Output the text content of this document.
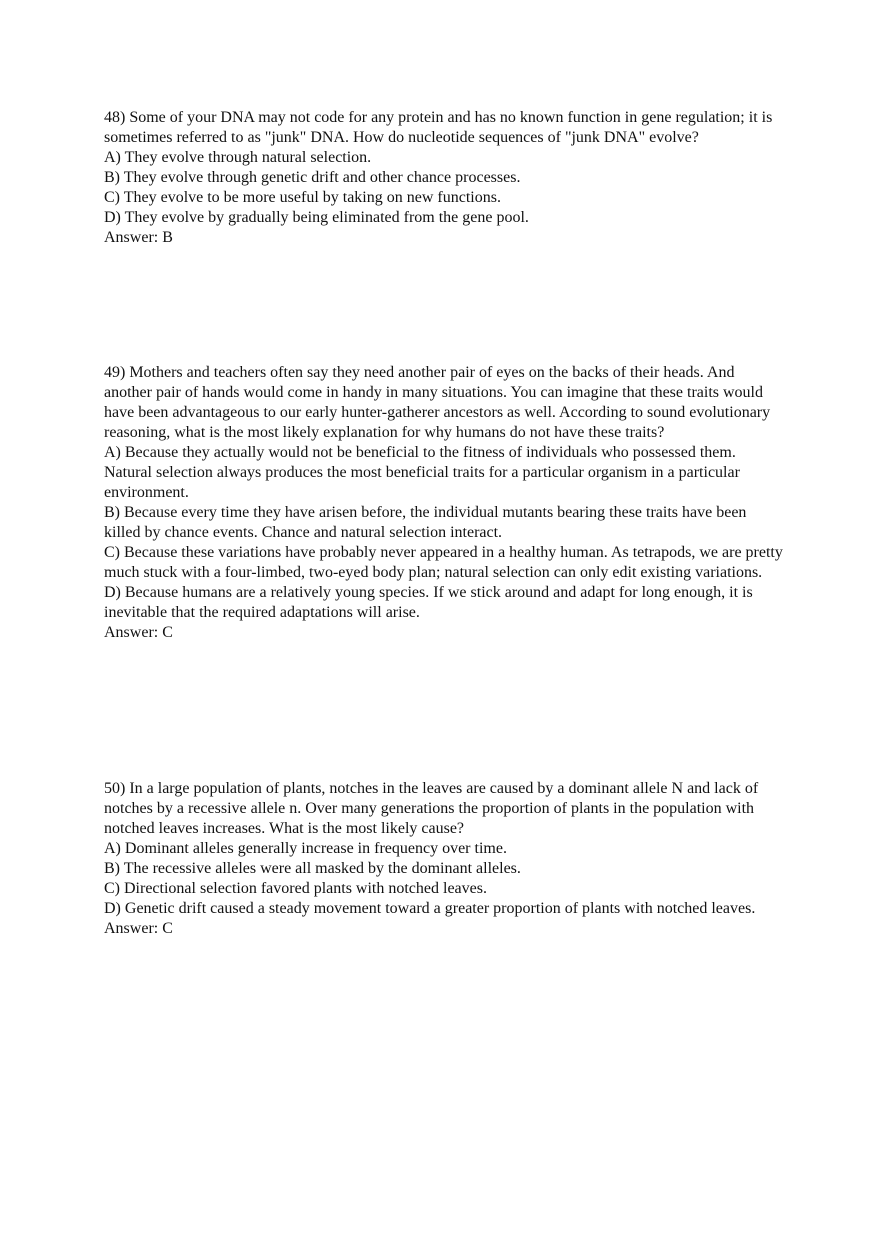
48) Some of your DNA may not code for any protein and has no known function in gene regulation; it is sometimes referred to as "junk" DNA. How do nucleotide sequences of "junk DNA" evolve?

A) They evolve through natural selection.

B) They evolve through genetic drift and other chance processes.

C) They evolve to be more useful by taking on new functions.

D) They evolve by gradually being eliminated from the gene pool.

Answer: B

49) Mothers and teachers often say they need another pair of eyes on the backs of their heads. And another pair of hands would come in handy in many situations. You can imagine that these traits would have been advantageous to our early hunter-gatherer ancestors as well. According to sound evolutionary reasoning, what is the most likely explanation for why humans do not have these traits?

A) Because they actually would not be beneficial to the fitness of individuals who possessed them. Natural selection always produces the most beneficial traits for a particular organism in a particular environment.

B) Because every time they have arisen before, the individual mutants bearing these traits have been killed by chance events. Chance and natural selection interact.

C) Because these variations have probably never appeared in a healthy human. As tetrapods, we are pretty much stuck with a four-limbed, two-eyed body plan; natural selection can only edit existing variations.

D) Because humans are a relatively young species. If we stick around and adapt for long enough, it is inevitable that the required adaptations will arise.

Answer: C

50) In a large population of plants, notches in the leaves are caused by a dominant allele N and lack of notches by a recessive allele n. Over many generations the proportion of plants in the population with notched leaves increases. What is the most likely cause?

A) Dominant alleles generally increase in frequency over time.

B) The recessive alleles were all masked by the dominant alleles.

C) Directional selection favored plants with notched leaves.

D) Genetic drift caused a steady movement toward a greater proportion of plants with notched leaves.

Answer: C
